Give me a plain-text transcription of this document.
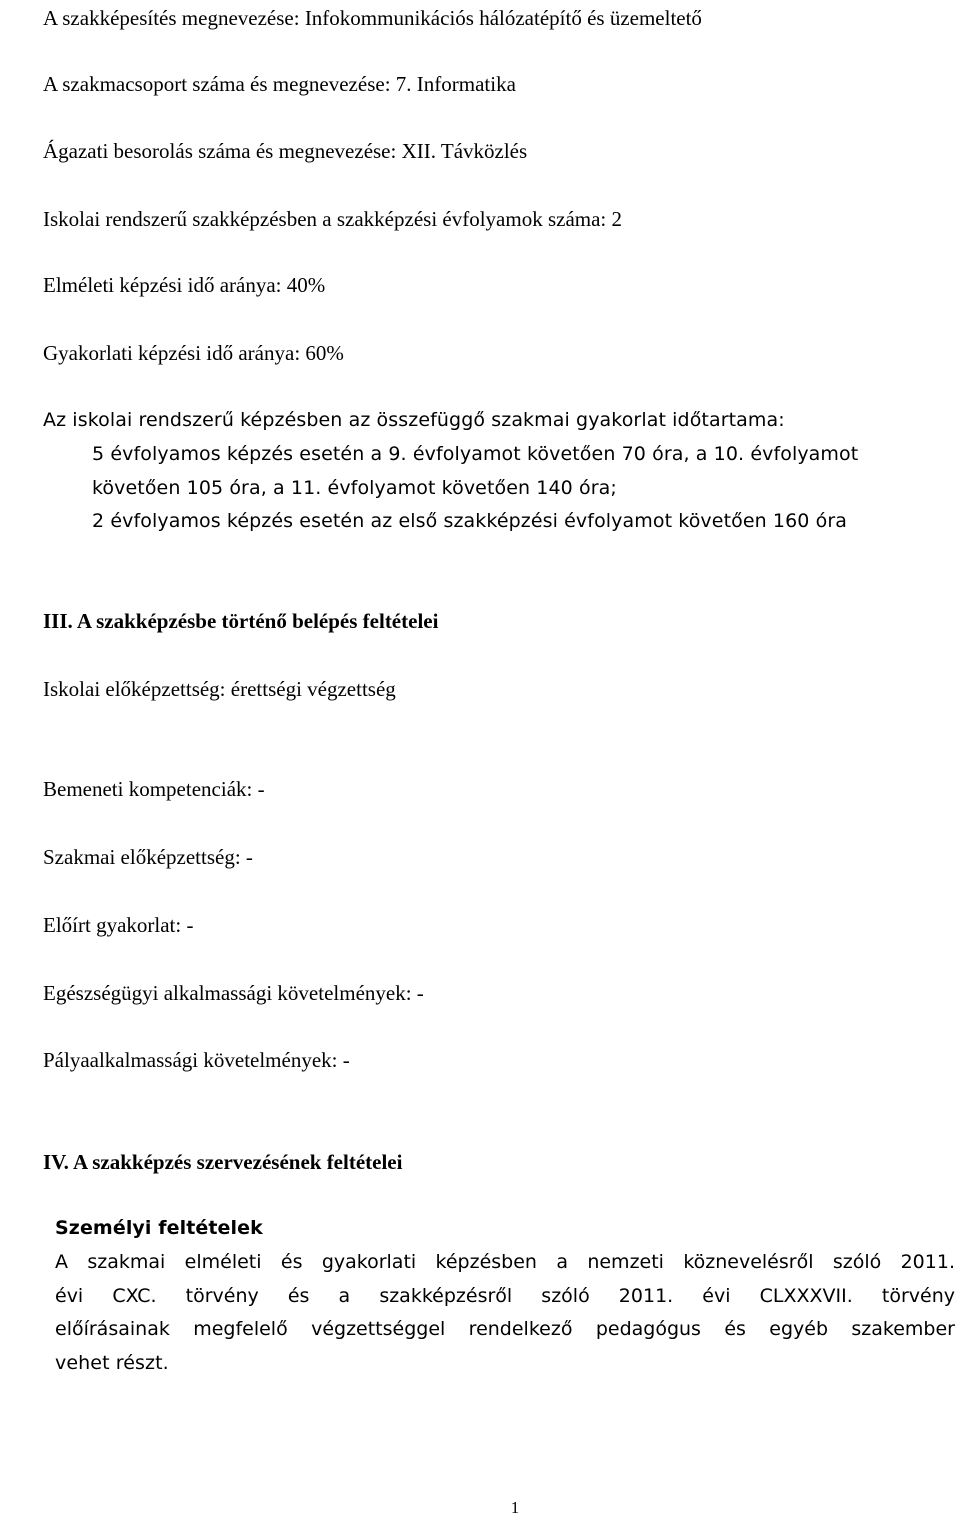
A szakképesítés megnevezése: Infokommunikációs hálózatépítő és üzemeltető
A szakmacsoport száma és megnevezése: 7. Informatika
Ágazati besorolás száma és megnevezése: XII. Távközlés
Iskolai rendszerű szakképzésben a szakképzési évfolyamok száma: 2
Elméleti képzési idő aránya: 40%
Gyakorlati képzési idő aránya: 60%
Az iskolai rendszerű képzésben az összefüggő szakmai gyakorlat időtartama:
5 évfolyamos képzés esetén a 9. évfolyamot követően 70 óra, a 10. évfolyamot
követően 105 óra, a 11. évfolyamot követően 140 óra;
2 évfolyamos képzés esetén az első szakképzési évfolyamot követően 160 óra
III. A szakképzésbe történő belépés feltételei
Iskolai előképzettség: érettségi végzettség
Bemeneti kompetenciák: -
Szakmai előképzettség: -
Előírt gyakorlat: -
Egészségügyi alkalmassági követelmények: -
Pályaalkalmassági követelmények: -
IV. A szakképzés szervezésének feltételei
Személyi feltételek
A szakmai elméleti és gyakorlati képzésben a nemzeti köznevelésről szóló 2011.
évi CXC. törvény és a szakképzésről szóló 2011. évi CLXXXVII. törvény
előírásainak megfelelő végzettséggel rendelkező pedagógus és egyéb szakember
vehet részt.
1
